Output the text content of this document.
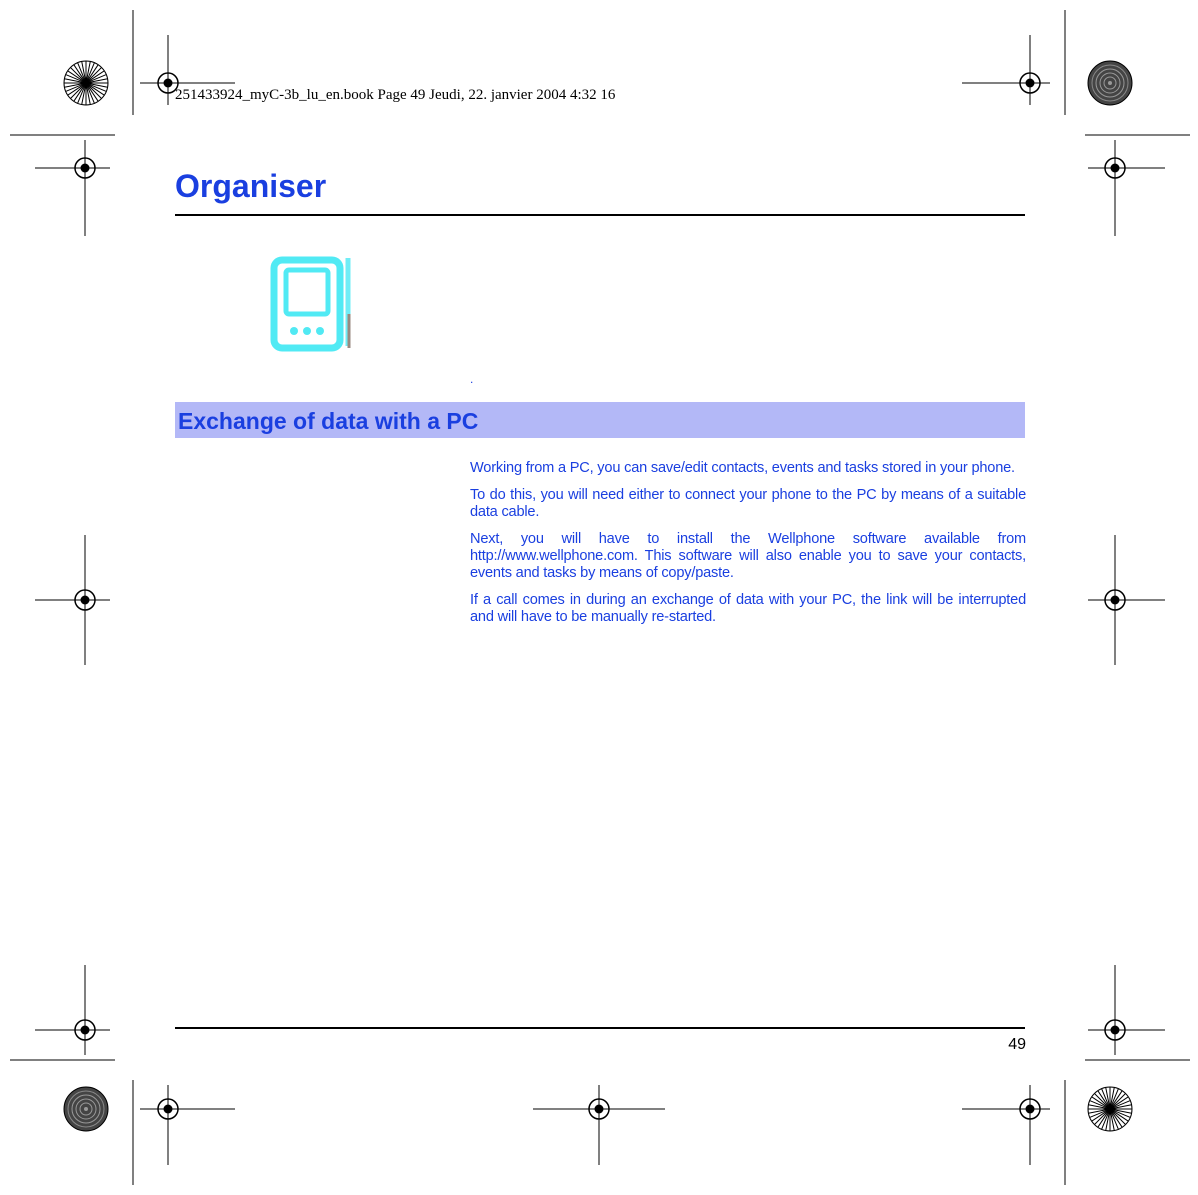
251433924_myC-3b_lu_en.book Page 49 Jeudi, 22. janvier 2004 4:32 16
Organiser
.
Exchange of data with a PC

Working from a PC, you can save/edit contacts, events and tasks stored in your phone.

To do this, you will need either to connect your phone to the PC by means of a suitable data cable.

Next, you will have to install the Wellphone software available from http://www.wellphone.com. This software will also enable you to save your contacts, events and tasks by means of copy/paste.

If a call comes in during an exchange of data with your PC, the link will be interrupted and will have to be manually re-started.

49
